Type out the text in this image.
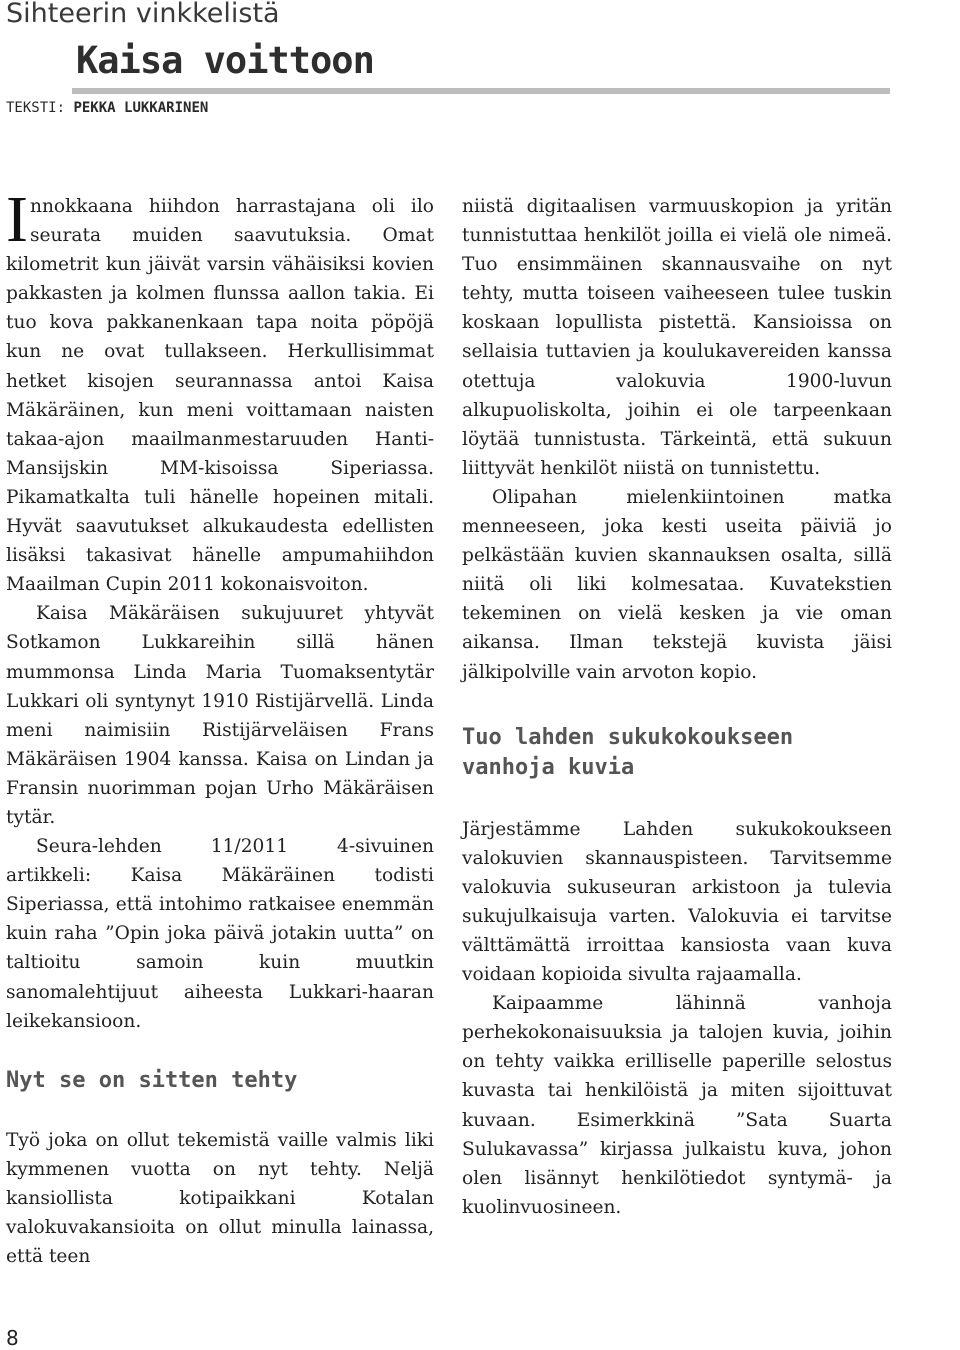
Sihteerin vinkkelistä
Kaisa voittoon
TEKSTI: PEKKA LUKKARINEN

Innokkaana hiihdon harrastajana oli ilo seurata muiden saavutuksia. Omat kilometrit kun jäivät varsin vähäisiksi kovien pakkasten ja kolmen flunssa aallon takia. Ei tuo kova pakkanenkaan tapa noita pöpöjä kun ne ovat tullakseen. Herkullisimmat hetket kisojen seurannassa antoi Kaisa Mäkäräinen, kun meni voittamaan naisten takaa-ajon maailmanmestaruuden Hanti-Mansijskin MM-kisoissa Siperiassa. Pikamatkalta tuli hänelle hopeinen mitali. Hyvät saavutukset alkukaudesta edellisten lisäksi takasivat hänelle ampumahiihdon Maailman Cupin 2011 kokonaisvoiton.

Kaisa Mäkäräisen sukujuuret yhtyvät Sotkamon Lukkareihin sillä hänen mummonsa Linda Maria Tuomaksentytär Lukkari oli syntynyt 1910 Ristijärvellä. Linda meni naimisiin Ristijärveläisen Frans Mäkäräisen 1904 kanssa. Kaisa on Lindan ja Fransin nuorimman pojan Urho Mäkäräisen tytär.

Seura-lehden 11/2011 4-sivuinen artikkeli: Kaisa Mäkäräinen todisti Siperiassa, että intohimo ratkaisee enemmän kuin raha ”Opin joka päivä jotakin uutta” on taltioitu samoin kuin muutkin sanomalehtijuut aiheesta Lukkari-haaran leikekansioon.

Nyt se on sitten tehty

Työ joka on ollut tekemistä vaille valmis liki kymmenen vuotta on nyt tehty. Neljä kansiollista kotipaikkani Kotalan valokuvakansioita on ollut minulla lainassa, että teen

niistä digitaalisen varmuuskopion ja yritän tunnistuttaa henkilöt joilla ei vielä ole nimeä. Tuo ensimmäinen skannausvaihe on nyt tehty, mutta toiseen vaiheeseen tulee tuskin koskaan lopullista pistettä. Kansioissa on sellaisia tuttavien ja koulukavereiden kanssa otettuja valokuvia 1900-luvun alkupuoliskolta, joihin ei ole tarpeenkaan löytää tunnistusta. Tärkeintä, että sukuun liittyvät henkilöt niistä on tunnistettu.

Olipahan mielenkiintoinen matka menneeseen, joka kesti useita päiviä jo pelkästään kuvien skannauksen osalta, sillä niitä oli liki kolmesataa. Kuvatekstien tekeminen on vielä kesken ja vie oman aikansa. Ilman tekstejä kuvista jäisi jälkipolville vain arvoton kopio.

Tuo lahden sukukokoukseen vanhoja kuvia

Järjestämme Lahden sukukokoukseen valokuvien skannauspisteen. Tarvitsemme valokuvia sukuseuran arkistoon ja tulevia sukujulkaisuja varten. Valokuvia ei tarvitse välttämättä irroittaa kansiosta vaan kuva voidaan kopioida sivulta rajaamalla.

Kaipaamme lähinnä vanhoja perhekokonaisuuksia ja talojen kuvia, joihin on tehty vaikka erilliselle paperille selostus kuvasta tai henkilöistä ja miten sijoittuvat kuvaan. Esimerkkinä ”Sata Suarta Sulukavassa” kirjassa julkaistu kuva, johon olen lisännyt henkilötiedot syntymä- ja kuolinvuosineen.

8
